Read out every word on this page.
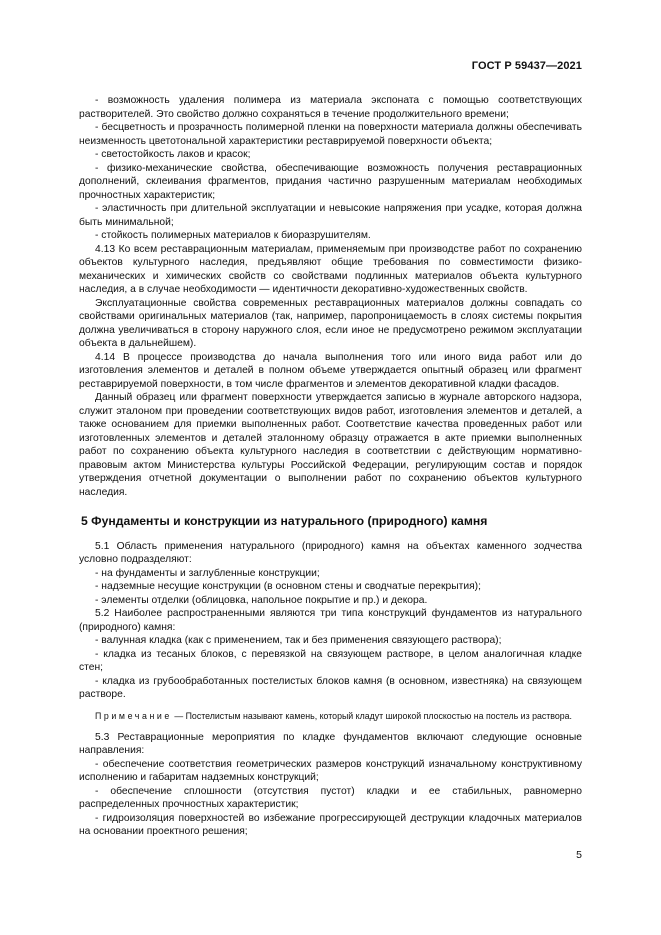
ГОСТ Р 59437—2021

- возможность удаления полимера из материала экспоната с помощью соответствующих растворителей. Это свойство должно сохраняться в течение продолжительного времени;

- бесцветность и прозрачность полимерной пленки на поверхности материала должны обеспечивать неизменность цветотональной характеристики реставрируемой поверхности объекта;

- светостойкость лаков и красок;

- физико-механические свойства, обеспечивающие возможность получения реставрационных дополнений, склеивания фрагментов, придания частично разрушенным материалам необходимых прочностных характеристик;

- эластичность при длительной эксплуатации и невысокие напряжения при усадке, которая должна быть минимальной;

- стойкость полимерных материалов к биоразрушителям.

4.13 Ко всем реставрационным материалам, применяемым при производстве работ по сохранению объектов культурного наследия, предъявляют общие требования по совместимости физико-механических и химических свойств со свойствами подлинных материалов объекта культурного наследия, а в случае необходимости — идентичности декоративно-художественных свойств.

Эксплуатационные свойства современных реставрационных материалов должны совпадать со свойствами оригинальных материалов (так, например, паропроницаемость в слоях системы покрытия должна увеличиваться в сторону наружного слоя, если иное не предусмотрено режимом эксплуатации объекта в дальнейшем).

4.14 В процессе производства до начала выполнения того или иного вида работ или до изготовления элементов и деталей в полном объеме утверждается опытный образец или фрагмент реставрируемой поверхности, в том числе фрагментов и элементов декоративной кладки фасадов.

Данный образец или фрагмент поверхности утверждается записью в журнале авторского надзора, служит эталоном при проведении соответствующих видов работ, изготовления элементов и деталей, а также основанием для приемки выполненных работ. Соответствие качества проведенных работ или изготовленных элементов и деталей эталонному образцу отражается в акте приемки выполненных работ по сохранению объекта культурного наследия в соответствии с действующим нормативно-правовым актом Министерства культуры Российской Федерации, регулирующим состав и порядок утверждения отчетной документации о выполнении работ по сохранению объектов культурного наследия.

5 Фундаменты и конструкции из натурального (природного) камня

5.1 Область применения натурального (природного) камня на объектах каменного зодчества условно подразделяют:

- на фундаменты и заглубленные конструкции;

- надземные несущие конструкции (в основном стены и сводчатые перекрытия);

- элементы отделки (облицовка, напольное покрытие и пр.) и декора.

5.2 Наиболее распространенными являются три типа конструкций фундаментов из натурального (природного) камня:

- валунная кладка (как с применением, так и без применения связующего раствора);

- кладка из тесаных блоков, с перевязкой на связующем растворе, в целом аналогичная кладке стен;

- кладка из грубообработанных постелистых блоков камня (в основном, известняка) на связующем растворе.

Примечание — Постелистым называют камень, который кладут широкой плоскостью на постель из раствора.

5.3 Реставрационные мероприятия по кладке фундаментов включают следующие основные направления:

- обеспечение соответствия геометрических размеров конструкций изначальному конструктивному исполнению и габаритам надземных конструкций;

- обеспечение сплошности (отсутствия пустот) кладки и ее стабильных, равномерно распределенных прочностных характеристик;

- гидроизоляция поверхностей во избежание прогрессирующей деструкции кладочных материалов на основании проектного решения;

5
